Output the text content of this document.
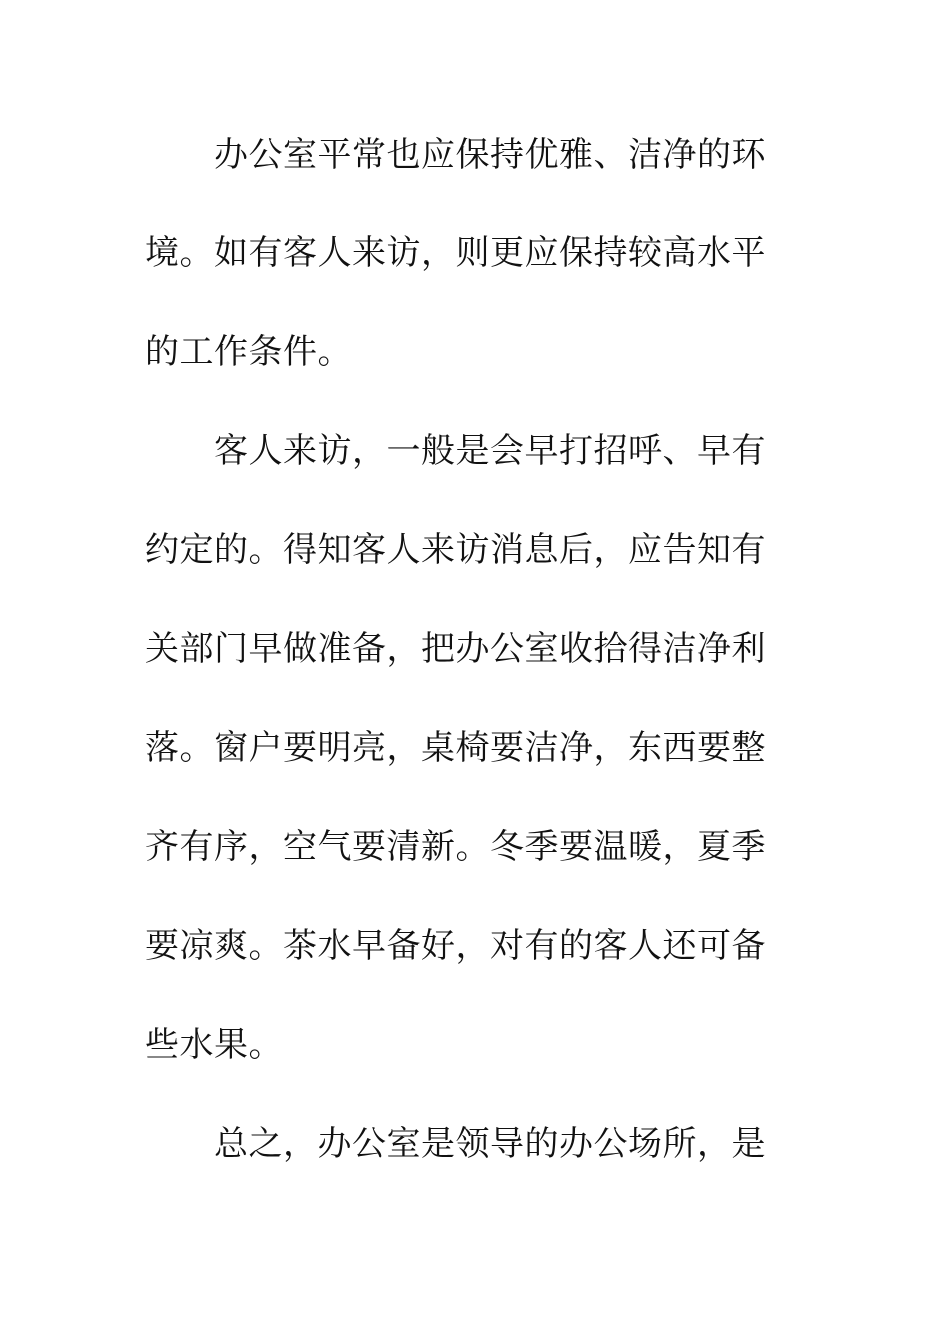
办公室平常也应保持优雅、洁净的环
境。如有客人来访，则更应保持较高水平
的工作条件。
客人来访，一般是会早打招呼、早有
约定的。得知客人来访消息后，应告知有
关部门早做准备，把办公室收拾得洁净利
落。窗户要明亮，桌椅要洁净，东西要整
齐有序，空气要清新。冬季要温暖，夏季
要凉爽。茶水早备好，对有的客人还可备
些水果。
总之，办公室是领导的办公场所，是
